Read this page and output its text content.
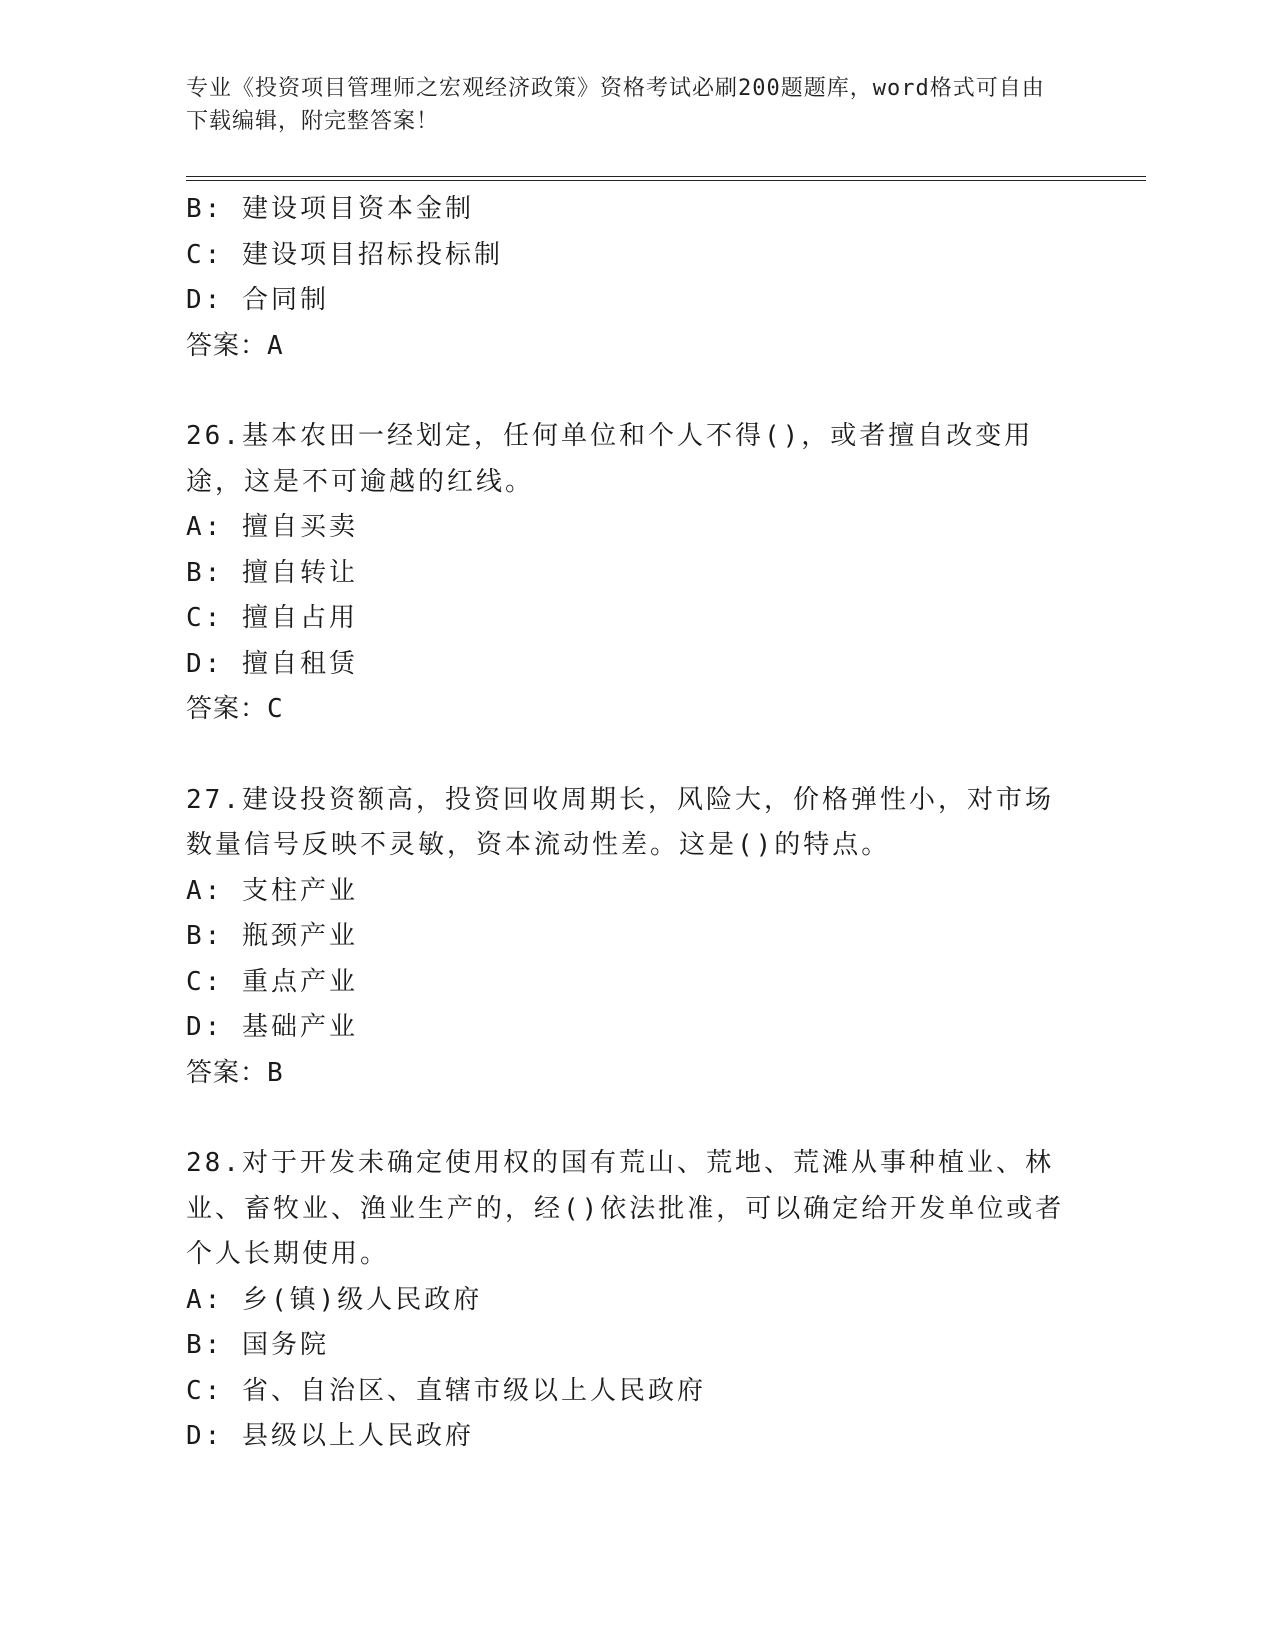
专业《投资项目管理师之宏观经济政策》资格考试必刷200题题库，word格式可自由下载编辑，附完整答案！
B: 建设项目资本金制
C: 建设项目招标投标制
D: 合同制
答案：A
26.基本农田一经划定，任何单位和个人不得()，或者擅自改变用途，这是不可逾越的红线。
A: 擅自买卖
B: 擅自转让
C: 擅自占用
D: 擅自租赁
答案：C
27.建设投资额高，投资回收周期长，风险大，价格弹性小，对市场数量信号反映不灵敏，资本流动性差。这是()的特点。
A: 支柱产业
B: 瓶颈产业
C: 重点产业
D: 基础产业
答案：B
28.对于开发未确定使用权的国有荒山、荒地、荒滩从事种植业、林业、畜牧业、渔业生产的，经()依法批准，可以确定给开发单位或者个人长期使用。
A: 乡(镇)级人民政府
B: 国务院
C: 省、自治区、直辖市级以上人民政府
D: 县级以上人民政府
